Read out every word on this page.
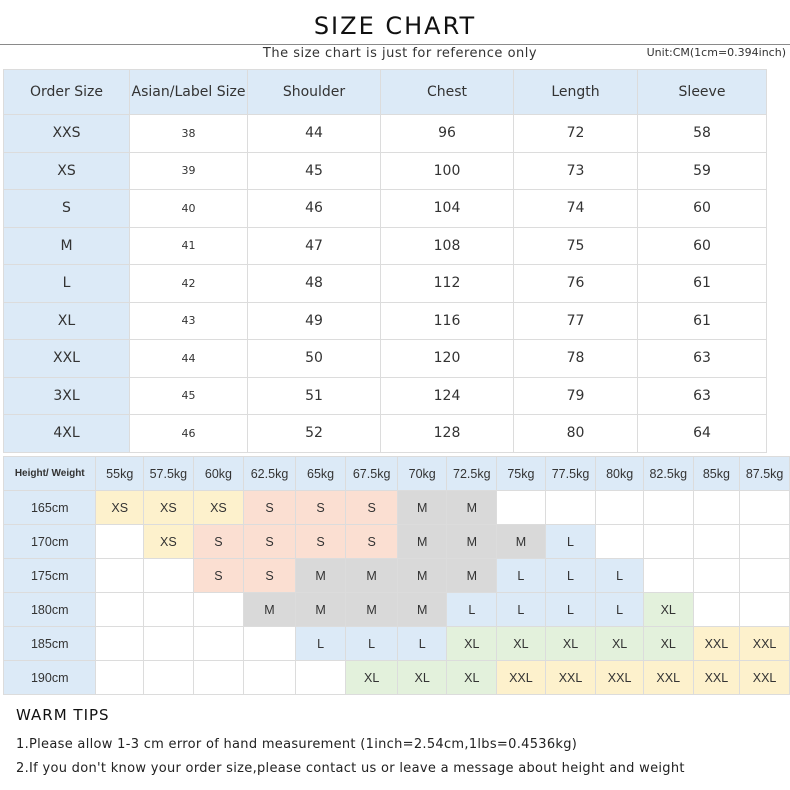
SIZE CHART
The size chart is just for reference only	Unit:CM(1cm=0.394inch)
Order Size	Asian/Label Size	Shoulder	Chest	Length	Sleeve
XXS	38	44	96	72	58
XS	39	45	100	73	59
S	40	46	104	74	60
M	41	47	108	75	60
L	42	48	112	76	61
XL	43	49	116	77	61
XXL	44	50	120	78	63
3XL	45	51	124	79	63
4XL	46	52	128	80	64
Height/ Weight	55kg	57.5kg	60kg	62.5kg	65kg	67.5kg	70kg	72.5kg	75kg	77.5kg	80kg	82.5kg	85kg	87.5kg
165cm	XS	XS	XS	S	S	S	M	M						
170cm		XS	S	S	S	S	M	M	M	L				
175cm			S	S	M	M	M	M	L	L	L			
180cm				M	M	M	M	L	L	L	L	XL		
185cm					L	L	L	XL	XL	XL	XL	XL	XXL	XXL
190cm						XL	XL	XL	XXL	XXL	XXL	XXL	XXL	XXL
WARM TIPS
1.Please allow 1-3 cm error of hand measurement (1inch=2.54cm,1lbs=0.4536kg)
2.If you don't know your order size,please contact us or leave a message about height and weight
